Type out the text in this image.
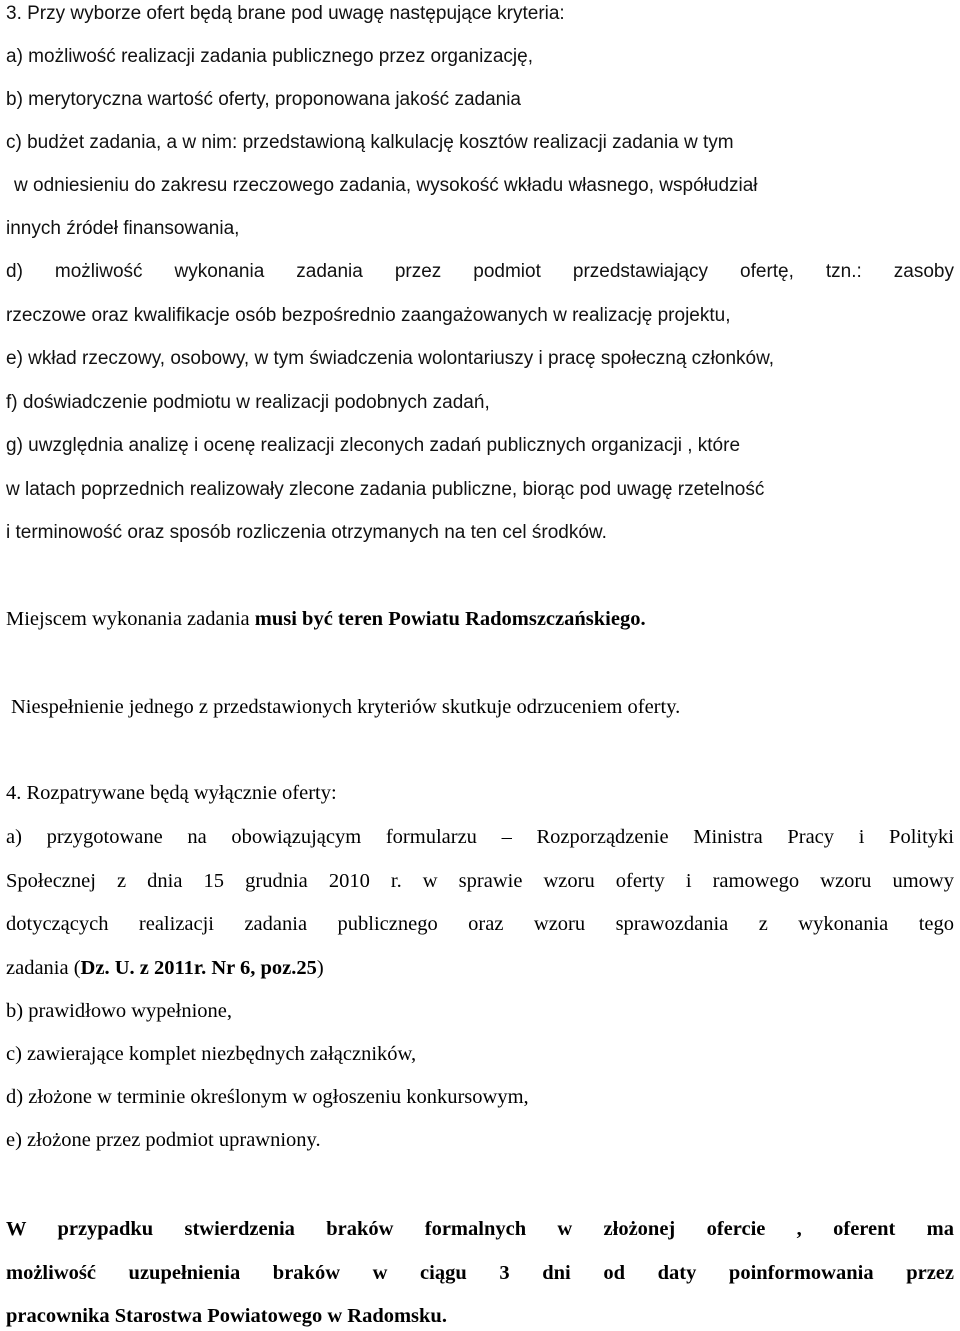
3. Przy wyborze ofert będą brane pod uwagę następujące kryteria:
a) możliwość realizacji zadania publicznego przez organizację,
b) merytoryczna wartość oferty, proponowana jakość zadania
c) budżet zadania, a w nim: przedstawioną kalkulację kosztów realizacji zadania w tym
w odniesieniu do zakresu rzeczowego zadania, wysokość wkładu własnego, współudział
innych źródeł finansowania,
d) możliwość wykonania zadania przez podmiot przedstawiający ofertę, tzn.: zasoby
rzeczowe oraz kwalifikacje osób bezpośrednio zaangażowanych w realizację projektu,
e) wkład rzeczowy, osobowy, w tym świadczenia wolontariuszy i pracę społeczną członków,
f) doświadczenie podmiotu w realizacji podobnych zadań,
g) uwzględnia analizę i ocenę realizacji zleconych zadań publicznych organizacji , które
w latach poprzednich realizowały zlecone zadania publiczne, biorąc pod uwagę rzetelność
i terminowość oraz sposób rozliczenia otrzymanych na ten cel środków.
Miejscem wykonania zadania musi być teren Powiatu Radomszczańskiego.
Niespełnienie jednego z przedstawionych kryteriów skutkuje odrzuceniem oferty.
4. Rozpatrywane będą wyłącznie oferty:
a) przygotowane na obowiązującym formularzu – Rozporządzenie Ministra Pracy i Polityki
Społecznej z dnia 15 grudnia 2010 r. w sprawie wzoru oferty i ramowego wzoru umowy
dotyczących realizacji zadania publicznego oraz wzoru sprawozdania z wykonania tego
zadania (Dz. U. z 2011r. Nr 6, poz.25)
b) prawidłowo wypełnione,
c) zawierające komplet niezbędnych załączników,
d) złożone w terminie określonym w ogłoszeniu konkursowym,
e) złożone przez podmiot uprawniony.
W przypadku stwierdzenia braków formalnych w złożonej ofercie , oferent ma
możliwość uzupełnienia braków w ciągu 3 dni od daty poinformowania przez
pracownika Starostwa Powiatowego w Radomsku.
